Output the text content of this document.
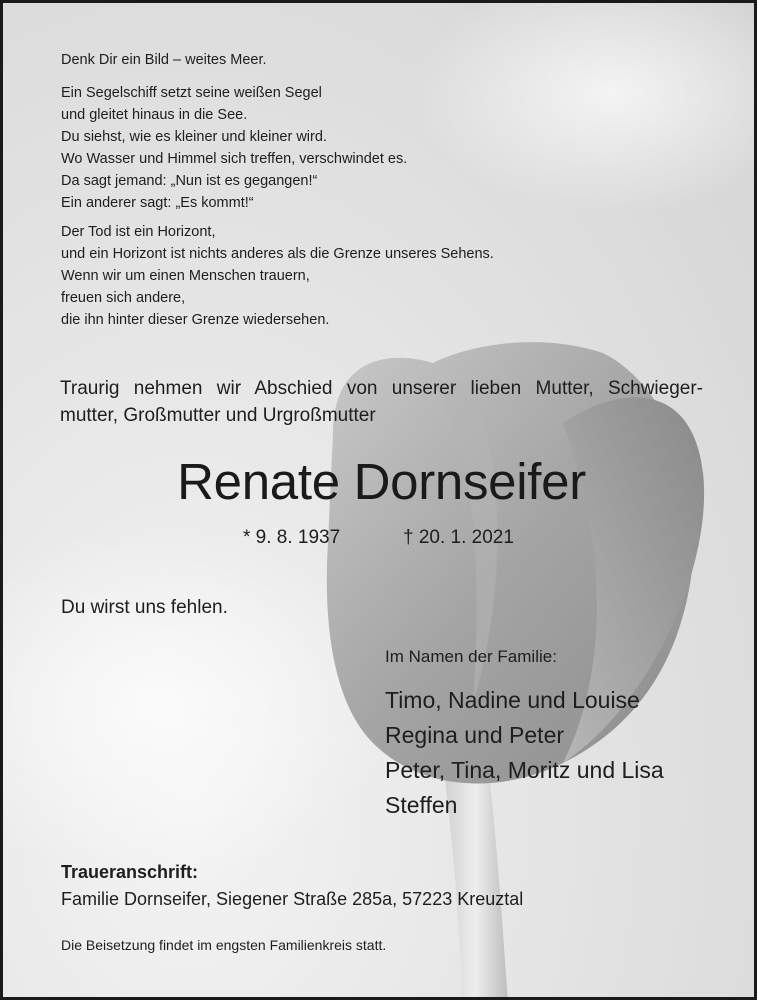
Denk Dir ein Bild – weites Meer.

Ein Segelschiff setzt seine weißen Segel
und gleitet hinaus in die See.
Du siehst, wie es kleiner und kleiner wird.
Wo Wasser und Himmel sich treffen, verschwindet es.
Da sagt jemand: „Nun ist es gegangen!“
Ein anderer sagt: „Es kommt!“

Der Tod ist ein Horizont,
und ein Horizont ist nichts anderes als die Grenze unseres Sehens.
Wenn wir um einen Menschen trauern,
freuen sich andere,
die ihn hinter dieser Grenze wiedersehen.

Traurig nehmen wir Abschied von unserer lieben Mutter, Schwieger-
mutter, Großmutter und Urgroßmutter
Renate Dornseifer
* 9. 8. 1937	† 20. 1. 2021
Du wirst uns fehlen.
Im Namen der Familie:
Timo, Nadine und Louise
Regina und Peter
Peter, Tina, Moritz und Lisa
Steffen
Traueranschrift:
Familie Dornseifer, Siegener Straße 285a, 57223 Kreuztal
Die Beisetzung findet im engsten Familienkreis statt.
